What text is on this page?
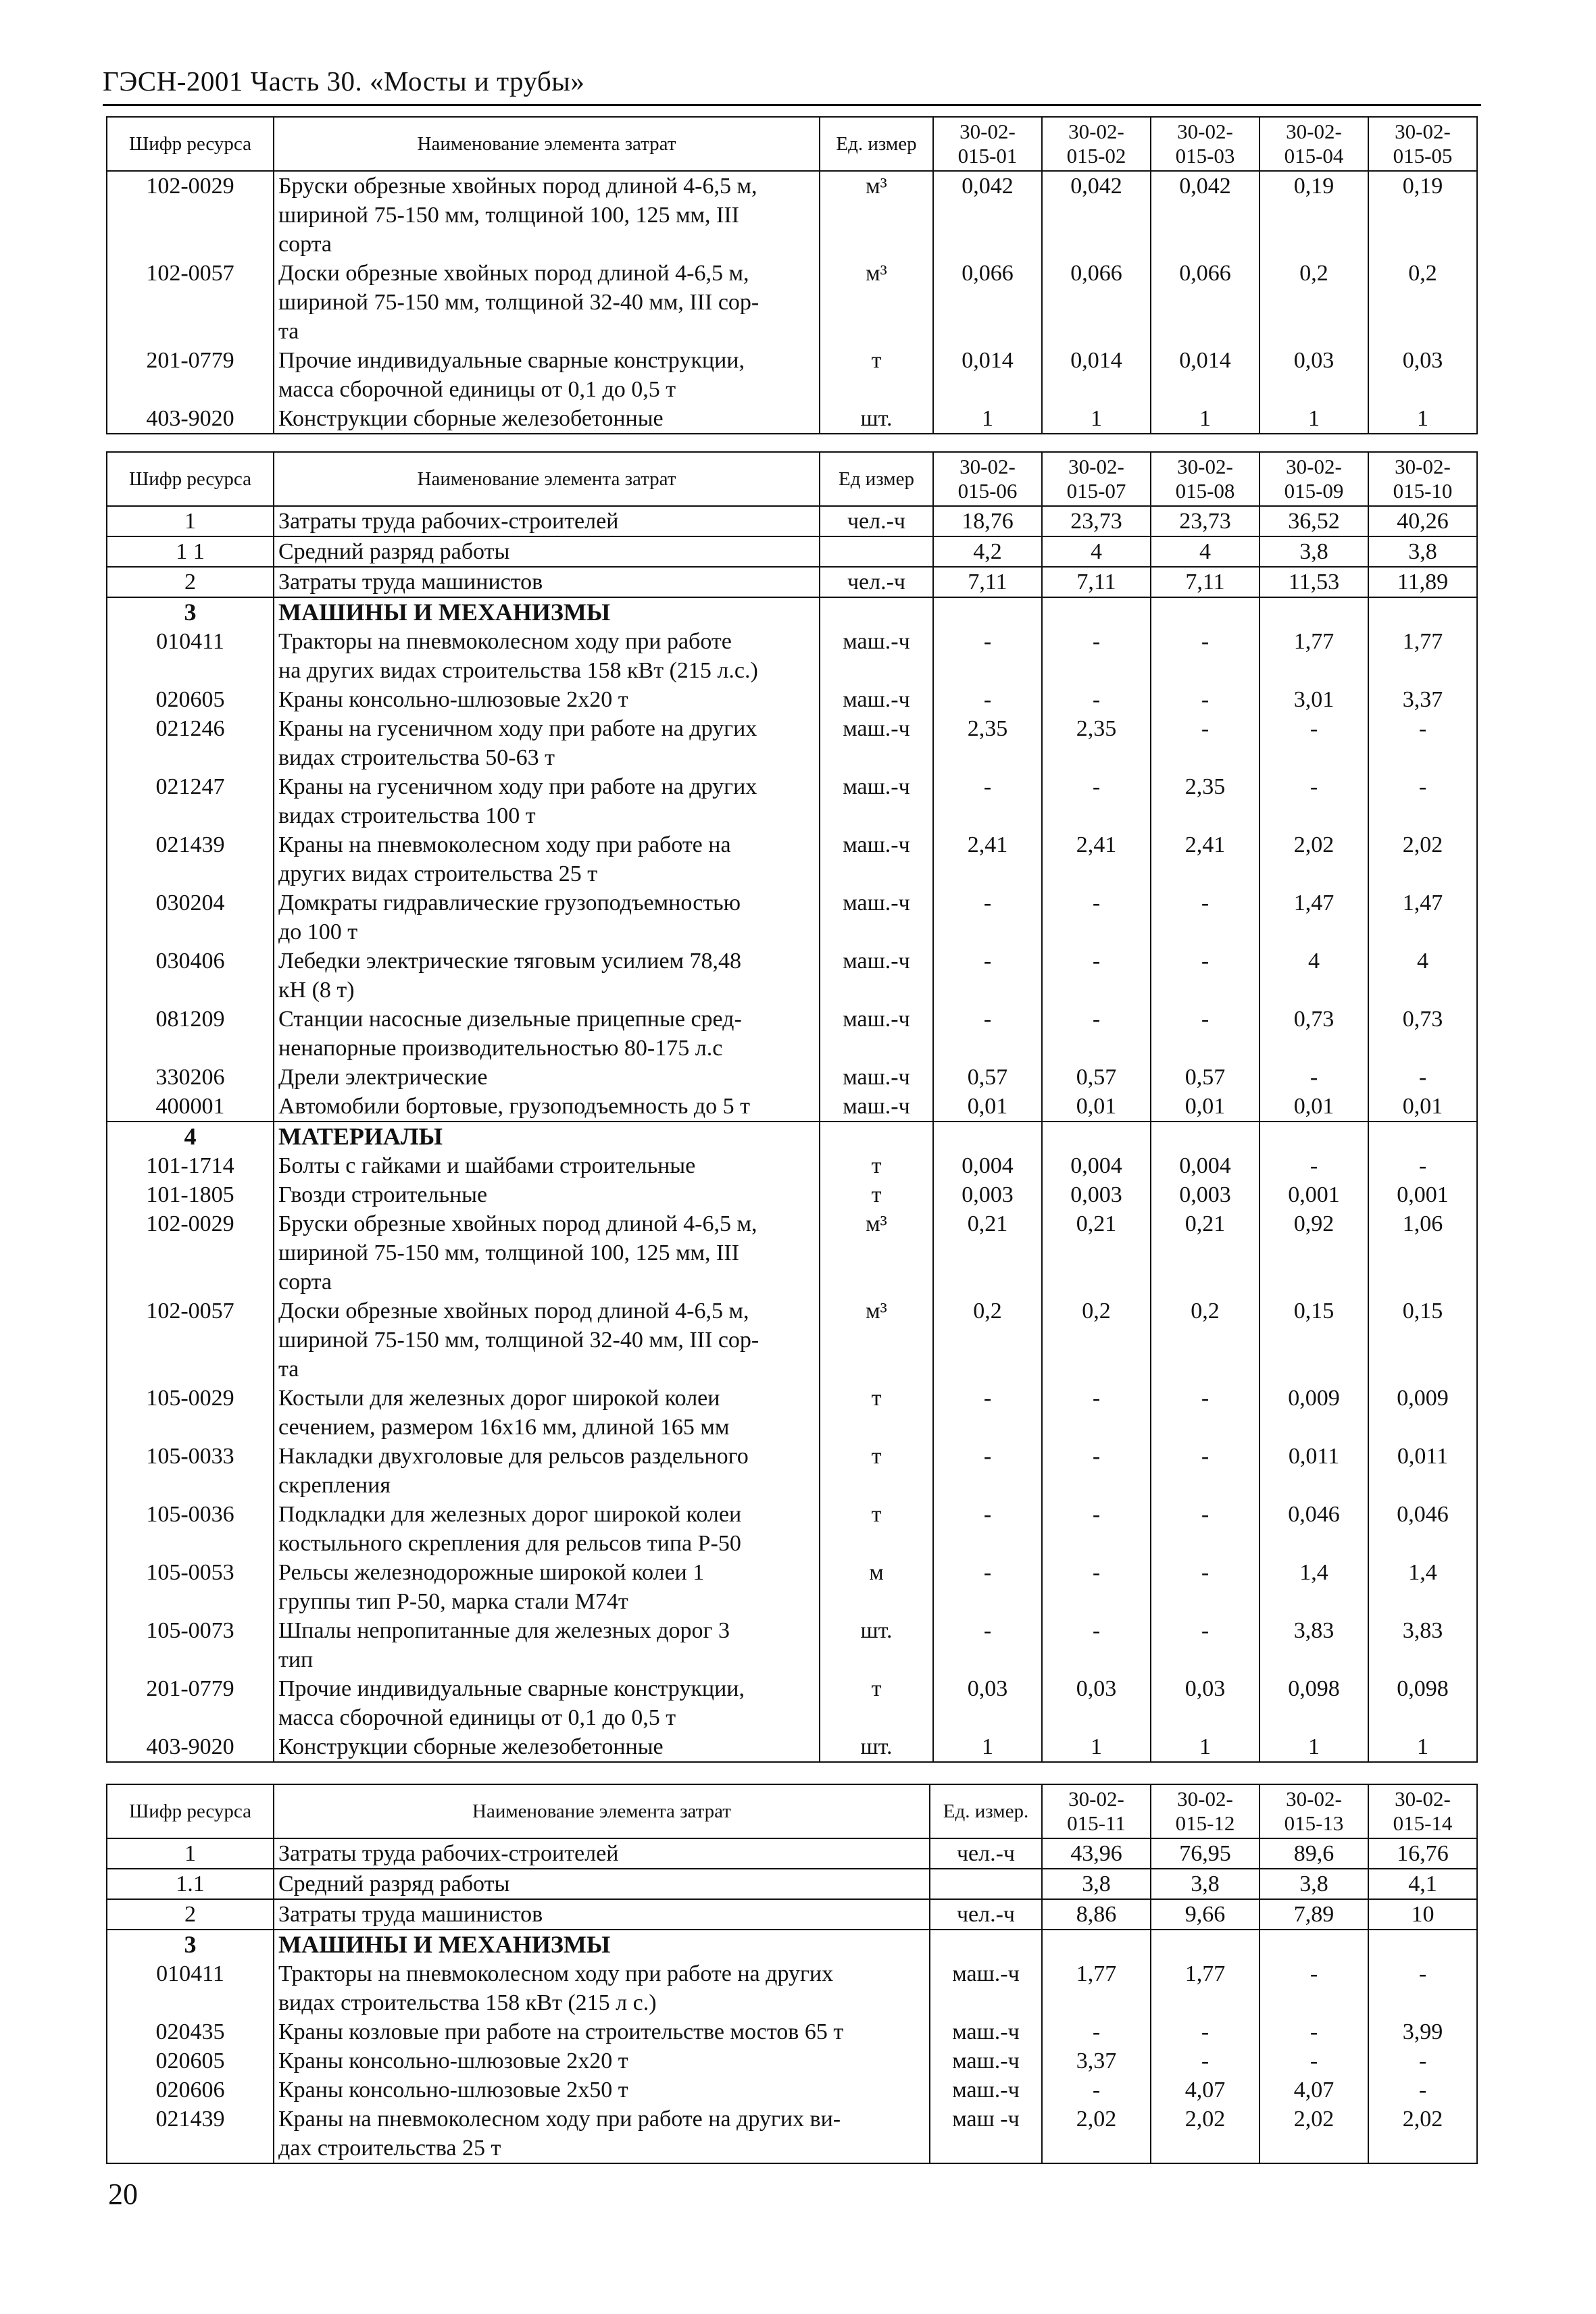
ГЭСН-2001 Часть 30. «Мосты и трубы»
Шифр ресурса	Наименование элемента затрат	Ед. измер	30-02-
015-01	30-02-
015-02	30-02-
015-03	30-02-
015-04	30-02-
015-05
102-0029	Бруски обрезные хвойных пород длиной 4-6,5 м,
шириной 75-150 мм, толщиной 100, 125 мм, III
сорта	м³	0,042	0,042	0,042	0,19	0,19
102-0057	Доски обрезные хвойных пород длиной 4-6,5 м,
шириной 75-150 мм, толщиной 32-40 мм, III сор-
та	м³	0,066	0,066	0,066	0,2	0,2
201-0779	Прочие индивидуальные сварные конструкции,
масса сборочной единицы от 0,1 до 0,5 т	т	0,014	0,014	0,014	0,03	0,03
403-9020	Конструкции сборные железобетонные	шт.	1	1	1	1	1
Шифр ресурса	Наименование элемента затрат	Ед измер	30-02-
015-06	30-02-
015-07	30-02-
015-08	30-02-
015-09	30-02-
015-10
1	Затраты труда рабочих-строителей	чел.-ч	18,76	23,73	23,73	36,52	40,26
1 1	Средний разряд работы		4,2	4	4	3,8	3,8
2	Затраты труда машинистов	чел.-ч	7,11	7,11	7,11	11,53	11,89
3	МАШИНЫ И МЕХАНИЗМЫ						
010411	Тракторы на пневмоколесном ходу при работе
на других видах строительства 158 кВт (215 л.с.)	маш.-ч	-	-	-	1,77	1,77
020605	Краны консольно-шлюзовые 2х20 т	маш.-ч	-	-	-	3,01	3,37
021246	Краны на гусеничном ходу при работе на других
видах строительства 50-63 т	маш.-ч	2,35	2,35	-	-	-
021247	Краны на гусеничном ходу при работе на других
видах строительства 100 т	маш.-ч	-	-	2,35	-	-
021439	Краны на пневмоколесном ходу при работе на
других видах строительства 25 т	маш.-ч	2,41	2,41	2,41	2,02	2,02
030204	Домкраты гидравлические грузоподъемностью
до 100 т	маш.-ч	-	-	-	1,47	1,47
030406	Лебедки электрические тяговым усилием 78,48
кН (8 т)	маш.-ч	-	-	-	4	4
081209	Станции насосные дизельные прицепные сред-
ненапорные производительностью 80-175 л.с	маш.-ч	-	-	-	0,73	0,73
330206	Дрели электрические	маш.-ч	0,57	0,57	0,57	-	-
400001	Автомобили бортовые, грузоподъемность до 5 т	маш.-ч	0,01	0,01	0,01	0,01	0,01
4	МАТЕРИАЛЫ						
101-1714	Болты с гайками и шайбами строительные	т	0,004	0,004	0,004	-	-
101-1805	Гвозди строительные	т	0,003	0,003	0,003	0,001	0,001
102-0029	Бруски обрезные хвойных пород длиной 4-6,5 м,
шириной 75-150 мм, толщиной 100, 125 мм, III
сорта	м³	0,21	0,21	0,21	0,92	1,06
102-0057	Доски обрезные хвойных пород длиной 4-6,5 м,
шириной 75-150 мм, толщиной 32-40 мм, III сор-
та	м³	0,2	0,2	0,2	0,15	0,15
105-0029	Костыли для железных дорог широкой колеи
сечением, размером 16х16 мм, длиной 165 мм	т	-	-	-	0,009	0,009
105-0033	Накладки двухголовые для рельсов раздельного
скрепления	т	-	-	-	0,011	0,011
105-0036	Подкладки для железных дорог широкой колеи
костыльного скрепления для рельсов типа Р-50	т	-	-	-	0,046	0,046
105-0053	Рельсы железнодорожные широкой колеи 1
группы тип Р-50, марка стали М74т	м	-	-	-	1,4	1,4
105-0073	Шпалы непропитанные для железных дорог 3
тип	шт.	-	-	-	3,83	3,83
201-0779	Прочие индивидуальные сварные конструкции,
масса сборочной единицы от 0,1 до 0,5 т	т	0,03	0,03	0,03	0,098	0,098
403-9020	Конструкции сборные железобетонные	шт.	1	1	1	1	1
Шифр ресурса	Наименование элемента затрат	Ед. измер.	30-02-
015-11	30-02-
015-12	30-02-
015-13	30-02-
015-14
1	Затраты труда рабочих-строителей	чел.-ч	43,96	76,95	89,6	16,76
1.1	Средний разряд работы		3,8	3,8	3,8	4,1
2	Затраты труда машинистов	чел.-ч	8,86	9,66	7,89	10
3	МАШИНЫ И МЕХАНИЗМЫ					
010411	Тракторы на пневмоколесном ходу при работе на других
видах строительства 158 кВт (215 л с.)	маш.-ч	1,77	1,77	-	-
020435	Краны козловые при работе на строительстве мостов 65 т	маш.-ч	-	-	-	3,99
020605	Краны консольно-шлюзовые 2х20 т	маш.-ч	3,37	-	-	-
020606	Краны консольно-шлюзовые 2х50 т	маш.-ч	-	4,07	4,07	-
021439	Краны на пневмоколесном ходу при работе на других ви-
дах строительства 25 т	маш -ч	2,02	2,02	2,02	2,02
20
